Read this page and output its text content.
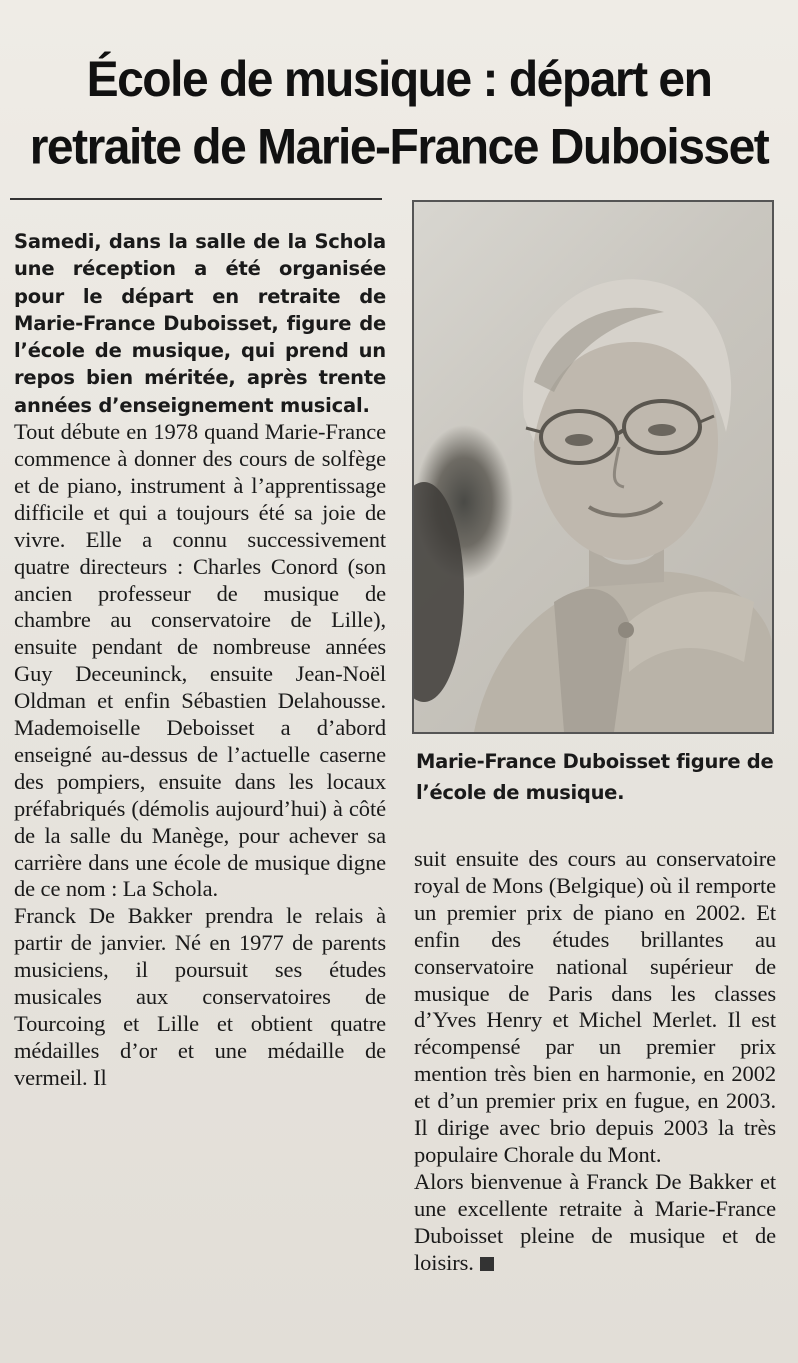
École de musique : départ en
retraite de Marie-France Duboisset

Samedi, dans la salle de la Schola une réception a été organisée pour le départ en retraite de Marie-France Duboisset, figure de l’école de musique, qui prend un repos bien méritée, après trente années d’enseignement musical.

Tout débute en 1978 quand Marie-France commence à donner des cours de solfège et de piano, instrument à l’apprentissage difficile et qui a toujours été sa joie de vivre. Elle a connu successivement quatre directeurs : Charles Conord (son ancien professeur de musique de chambre au conservatoire de Lille), ensuite pendant de nombreuse années Guy Deceuninck, ensuite Jean-Noël Oldman et enfin Sébastien Delahousse. Mademoiselle Deboisset a d’abord enseigné au-dessus de l’actuelle caserne des pompiers, ensuite dans les locaux préfabriqués (démolis aujourd’hui) à côté de la salle du Manège, pour achever sa carrière dans une école de musique digne de ce nom : La Schola.

Franck De Bakker prendra le relais à partir de janvier. Né en 1977 de parents musiciens, il poursuit ses études musicales aux conservatoires de Tourcoing et Lille et obtient quatre médailles d’or et une médaille de vermeil. Il

Marie-France Duboisset figure de l’école de musique.

suit ensuite des cours au conservatoire royal de Mons (Belgique) où il remporte un premier prix de piano en 2002. Et enfin des études brillantes au conservatoire national supérieur de musique de Paris dans les classes d’Yves Henry et Michel Merlet. Il est récompensé par un premier prix mention très bien en harmonie, en 2002 et d’un premier prix en fugue, en 2003. Il dirige avec brio depuis 2003 la très populaire Chorale du Mont.

Alors bienvenue à Franck De Bakker et une excellente retraite à Marie-France Duboisset pleine de musique et de loisirs.
